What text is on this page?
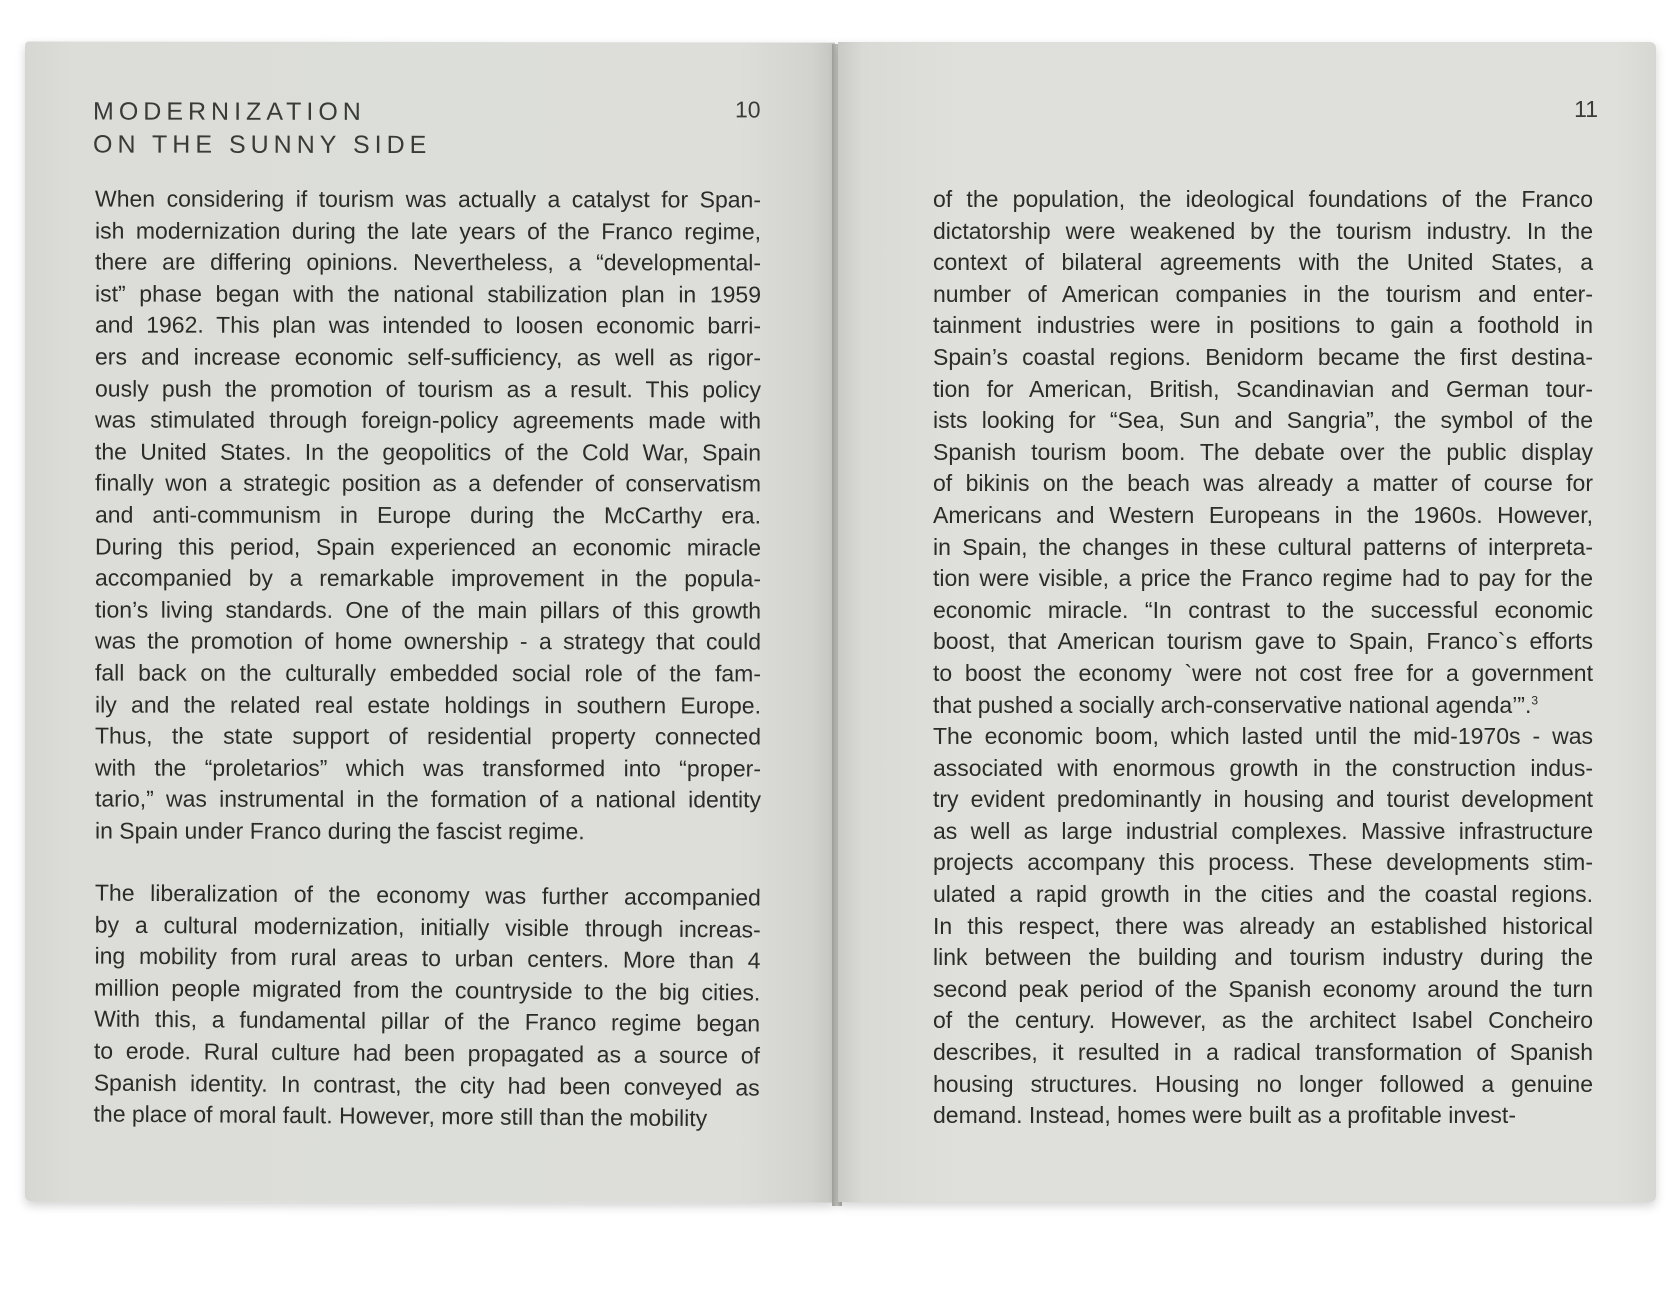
MODERNIZATION
ON THE SUNNY SIDE
10

When considering if tourism was actually a catalyst for Span-
ish modernization during the late years of the Franco regime,
there are differing opinions. Nevertheless, a “developmental-
ist” phase began with the national stabilization plan in 1959
and 1962. This plan was intended to loosen economic barri-
ers and increase economic self-sufficiency, as well as rigor-
ously push the promotion of tourism as a result. This policy
was stimulated through foreign-policy agreements made with
the United States. In the geopolitics of the Cold War, Spain
finally won a strategic position as a defender of conservatism
and anti-communism in Europe during the McCarthy era.
During this period, Spain experienced an economic miracle
accompanied by a remarkable improvement in the popula-
tion’s living standards. One of the main pillars of this growth
was the promotion of home ownership - a strategy that could
fall back on the culturally embedded social role of the fam-
ily and the related real estate holdings in southern Europe.
Thus, the state support of residential property connected
with the “proletarios” which was transformed into “proper-
tario,” was instrumental in the formation of a national identity
in Spain under Franco during the fascist regime.

The liberalization of the economy was further accompanied
by a cultural modernization, initially visible through increas-
ing mobility from rural areas to urban centers. More than 4
million people migrated from the countryside to the big cities.
With this, a fundamental pillar of the Franco regime began
to erode. Rural culture had been propagated as a source of
Spanish identity. In contrast, the city had been conveyed as
the place of moral fault. However, more still than the mobility

11

of the population, the ideological foundations of the Franco
dictatorship were weakened by the tourism industry. In the
context of bilateral agreements with the United States, a
number of American companies in the tourism and enter-
tainment industries were in positions to gain a foothold in
Spain’s coastal regions. Benidorm became the first destina-
tion for American, British, Scandinavian and German tour-
ists looking for “Sea, Sun and Sangria”, the symbol of the
Spanish tourism boom. The debate over the public display
of bikinis on the beach was already a matter of course for
Americans and Western Europeans in the 1960s. However,
in Spain, the changes in these cultural patterns of interpreta-
tion were visible, a price the Franco regime had to pay for the
economic miracle. “In contrast to the successful economic
boost, that American tourism gave to Spain, Franco`s efforts
to boost the economy `were not cost free for a government
that pushed a socially arch-conservative national agenda’”.$^3$
The economic boom, which lasted until the mid-1970s - was
associated with enormous growth in the construction indus-
try evident predominantly in housing and tourist development
as well as large industrial complexes. Massive infrastructure
projects accompany this process. These developments stim-
ulated a rapid growth in the cities and the coastal regions.
In this respect, there was already an established historical
link between the building and tourism industry during the
second peak period of the Spanish economy around the turn
of the century. However, as the architect Isabel Concheiro
describes, it resulted in a radical transformation of Spanish
housing structures. Housing no longer followed a genuine
demand. Instead, homes were built as a profitable invest-
